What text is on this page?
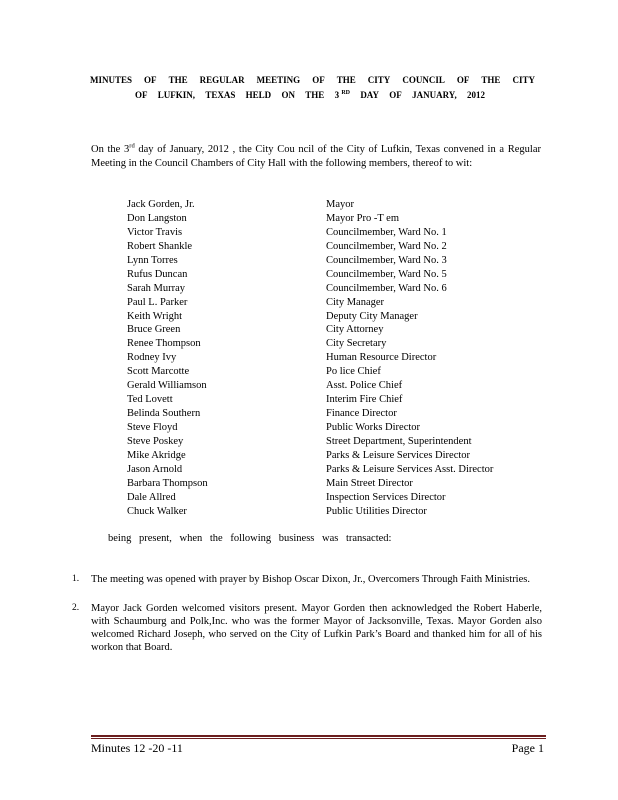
MINUTES OF THE REGULAR MEETING OF THE CITY COUNCIL OF THE CITY
OF LUFKIN, TEXAS HELD ON THE 3 $^{RD}$ DAY OF JANUARY, 2012
On the 3rd day of January, 2012 , the City Cou ncil of the City of Lufkin, Texas convened in a Regular Meeting in the Council Chambers of City Hall with the following members, thereof to wit:
Jack Gorden, Jr.	Mayor
Don Langston	Mayor Pro -T em
Victor Travis	Councilmember, Ward No. 1
Robert Shankle	Councilmember, Ward No. 2
Lynn Torres	Councilmember, Ward No. 3
Rufus Duncan	Councilmember, Ward No. 5
Sarah Murray	Councilmember, Ward No. 6
Paul L. Parker	City Manager
Keith Wright	Deputy City Manager
Bruce Green	City Attorney
Renee Thompson	City Secretary
Rodney Ivy	Human Resource Director
Scott Marcotte	Po lice Chief
Gerald Williamson	Asst. Police Chief
Ted Lovett	Interim Fire Chief
Belinda Southern	Finance Director
Steve Floyd	Public Works Director
Steve Poskey	Street Department, Superintendent
Mike Akridge	Parks & Leisure Services Director
Jason Arnold	Parks & Leisure Services Asst. Director
Barbara Thompson	Main Street Director
Dale Allred	Inspection Services Director
Chuck Walker	Public Utilities Director
being present, when the following business was transacted:
1.	The meeting was opened with prayer by Bishop Oscar Dixon, Jr., Overcomers Through Faith Ministries.
2.	Mayor Jack Gorden welcomed visitors present. Mayor Gorden then acknowledged the Robert Haberle, with Schaumburg and Polk,Inc. who was the former Mayor of Jacksonville, Texas. Mayor Gorden also welcomed Richard Joseph, who served on the City of Lufkin Park’s Board and thanked him for all of his workon that Board.
Minutes 12 -20 -11	Page 1
